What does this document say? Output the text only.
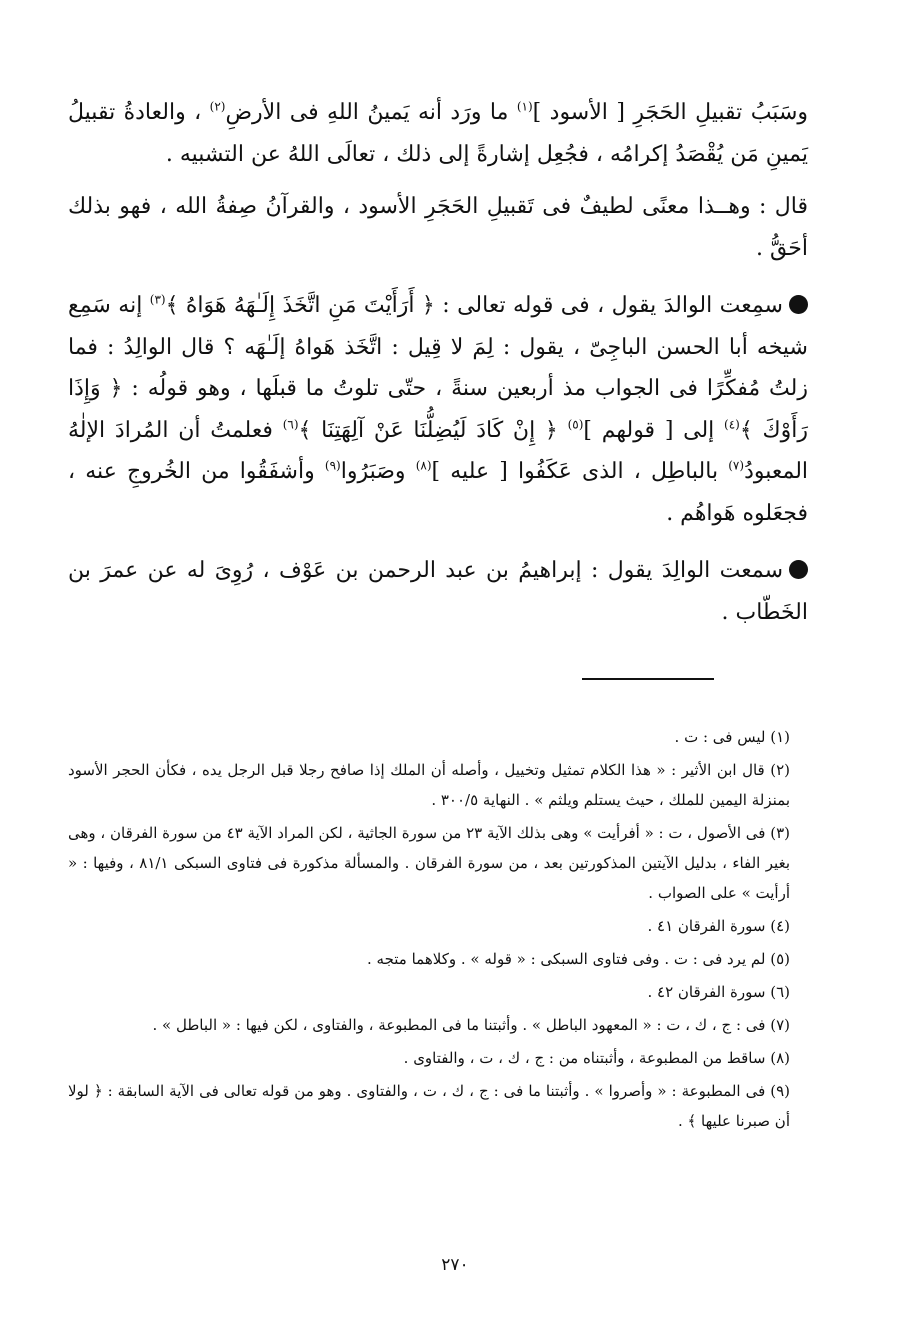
وسَبَبُ تقبيلِ الحَجَرِ [ الأسود ]$^{(١)}$ ما ورَد أنه يَمينُ اللهِ فى الأرضِ$^{(٢)}$ ، والعادةُ تقبيلُ يَمينِ مَن يُقْصَدُ إكرامُه ، فجُعِل إشارةً إلى ذلك ، تعالَى اللهُ عن التشبيه .

قال : وهــذا معنًى لطيفٌ فى تَقبيلِ الحَجَرِ الأسود ، والقرآنُ صِفةُ الله ، فهو بذلك أحَقُّ .

سمِعت الوالدَ يقول ، فى قوله تعالى : ﴿ أَرَأَيْتَ مَنِ اتَّخَذَ إِلَـٰهَهُ هَوَاهُ ﴾$^{(٣)}$ إنه سَمِع شيخه أبا الحسن الباجِىّ ، يقول : لِمَ لا قِيل : اتَّخَذ هَواهُ إلَـٰهَه ؟ قال الوالِدُ : فما زلتُ مُفكِّرًا فى الجواب مذ أربعين سنةً ، حتّى تلوتُ ما قبلَها ، وهو قولُه : ﴿ وَإِذَا رَأَوْكَ ﴾$^{(٤)}$ إلى [ قولهم ]$^{(٥)}$ ﴿ إِنْ كَادَ لَيُضِلُّنَا عَنْ آلِهَتِنَا ﴾$^{(٦)}$ فعلمتُ أن المُرادَ الإلٰهُ المعبودُ$^{(٧)}$ بالباطِل ، الذى عَكَفُوا [ عليه ]$^{(٨)}$ وصَبَرُوا$^{(٩)}$ وأشفَقُوا من الخُروجِ عنه ، فجعَلوه هَواهُم .

سمعت الوالِدَ يقول : إبراهيمُ بن عبد الرحمن بن عَوْف ، رُوِىَ له عن عمرَ بن الخَطّاب .

(١) ليس فى : ت .

(٢) قال ابن الأثير : « هذا الكلام تمثيل وتخييل ، وأصله أن الملك إذا صافح رجلا قبل الرجل يده ، فكأن الحجر الأسود بمنزلة اليمين للملك ، حيث يستلم ويلثم » . النهاية ٣٠٠/٥ .

(٣) فى الأصول ، ت : « أفرأيت » وهى بذلك الآية ٢٣ من سورة الجاثية ، لكن المراد الآية ٤٣ من سورة الفرقان ، وهى بغير الفاء ، بدليل الآيتين المذكورتين بعد ، من سورة الفرقان . والمسألة مذكورة فى فتاوى السبكى ٨١/١ ، وفيها : « أرأيت » على الصواب .

(٤) سورة الفرقان ٤١ .

(٥) لم يرد فى : ت . وفى فتاوى السبكى : « قوله » . وكلاهما متجه .

(٦) سورة الفرقان ٤٢ .

(٧) فى : ج ، ك ، ت : « المعهود الباطل » . وأثبتنا ما فى المطبوعة ، والفتاوى ، لكن فيها : « الباطل » .

(٨) ساقط من المطبوعة ، وأثبتناه من : ج ، ك ، ت ، والفتاوى .

(٩) فى المطبوعة : « وأصروا » . وأثبتنا ما فى : ج ، ك ، ت ، والفتاوى . وهو من قوله تعالى فى الآية السابقة : ﴿ لولا أن صبرنا عليها ﴾ .

٢٧٠
